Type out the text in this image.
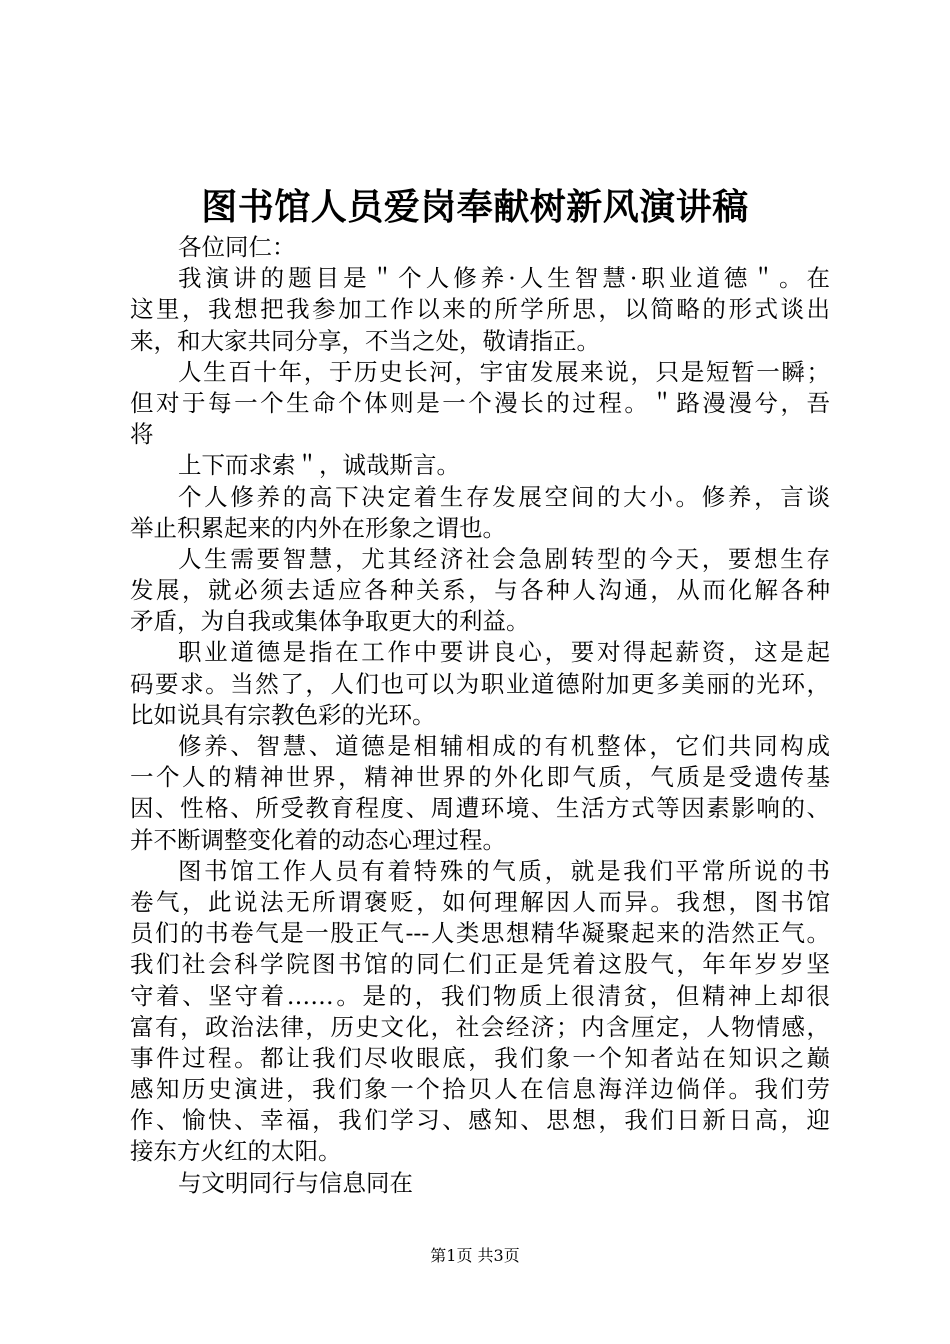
图书馆人员爱岗奉献树新风演讲稿
各位同仁：
我演讲的题目是＂个人修养·人生智慧·职业道德＂。在
这里，我想把我参加工作以来的所学所思，以简略的形式谈出
来，和大家共同分享，不当之处，敬请指正。
人生百十年，于历史长河，宇宙发展来说，只是短暂一瞬；
但对于每一个生命个体则是一个漫长的过程。＂路漫漫兮，吾
将
上下而求索＂，诚哉斯言。
个人修养的高下决定着生存发展空间的大小。修养，言谈
举止积累起来的内外在形象之谓也。
人生需要智慧，尤其经济社会急剧转型的今天，要想生存
发展，就必须去适应各种关系，与各种人沟通，从而化解各种
矛盾，为自我或集体争取更大的利益。
职业道德是指在工作中要讲良心，要对得起薪资，这是起
码要求。当然了，人们也可以为职业道德附加更多美丽的光环，
比如说具有宗教色彩的光环。
修养、智慧、道德是相辅相成的有机整体，它们共同构成
一个人的精神世界，精神世界的外化即气质，气质是受遗传基
因、性格、所受教育程度、周遭环境、生活方式等因素影响的、
并不断调整变化着的动态心理过程。
图书馆工作人员有着特殊的气质，就是我们平常所说的书
卷气，此说法无所谓褒贬，如何理解因人而异。我想，图书馆
员们的书卷气是一股正气---人类思想精华凝聚起来的浩然正气。
我们社会科学院图书馆的同仁们正是凭着这股气，年年岁岁坚
守着、坚守着……。是的，我们物质上很清贫，但精神上却很
富有，政治法律，历史文化，社会经济；内含厘定，人物情感，
事件过程。都让我们尽收眼底，我们象一个知者站在知识之巅
感知历史演进，我们象一个拾贝人在信息海洋边倘佯。我们劳
作、愉快、幸福，我们学习、感知、思想，我们日新日高，迎
接东方火红的太阳。
与文明同行与信息同在
第1页 共3页
